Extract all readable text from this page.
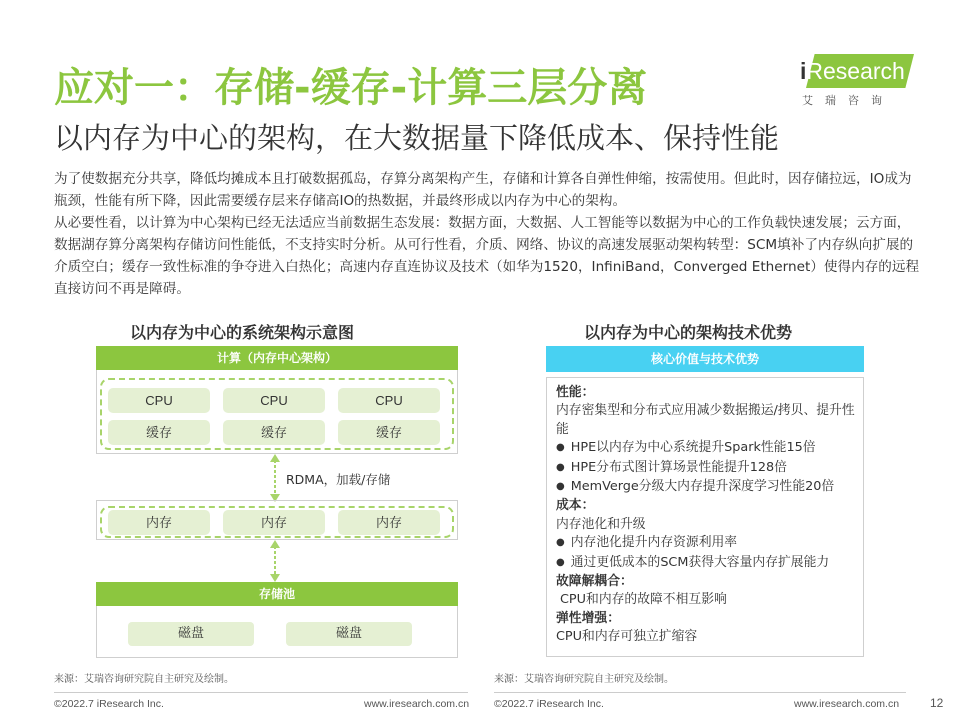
应对一：存储-缓存-计算三层分离
以内存为中心的架构，在大数据量下降低成本、保持性能
iResearch
艾瑞咨询

为了使数据充分共享，降低均摊成本且打破数据孤岛，存算分离架构产生，存储和计算各自弹性伸缩，按需使用。但此时，因存储拉远，IO成为瓶颈，性能有所下降，因此需要缓存层来存储高IO的热数据，并最终形成以内存为中心的架构。

从必要性看，以计算为中心架构已经无法适应当前数据生态发展：数据方面，大数据、人工智能等以数据为中心的工作负载快速发展；云方面，数据湖存算分离架构存储访问性能低，不支持实时分析。从可行性看，介质、网络、协议的高速发展驱动架构转型：SCM填补了内存纵向扩展的介质空白；缓存一致性标准的争夺进入白热化；高速内存直连协议及技术（如华为1520，InfiniBand，Converged Ethernet）使得内存的远程直接访问不再是障碍。

以内存为中心的系统架构示意图
计算（内存中心架构）
CPU	CPU	CPU
缓存	缓存	缓存
RDMA，加载/存储
内存	内存	内存
存储池
磁盘	磁盘
以内存为中心的架构技术优势
核心价值与技术优势
性能：
内存密集型和分布式应用减少数据搬运/拷贝、提升性能
● HPE以内存为中心系统提升Spark性能15倍
● HPE分布式图计算场景性能提升128倍
● MemVerge分级大内存提升深度学习性能20倍
成本：
内存池化和升级
● 内存池化提升内存资源利用率
● 通过更低成本的SCM获得大容量内存扩展能力
故障解耦合：
CPU和内存的故障不相互影响
弹性增强：
CPU和内存可独立扩缩容
来源：艾瑞咨询研究院自主研究及绘制。	来源：艾瑞咨询研究院自主研究及绘制。
©2022.7 iResearch Inc.	www.iresearch.com.cn ©2022.7 iResearch Inc.	www.iresearch.com.cn	12
